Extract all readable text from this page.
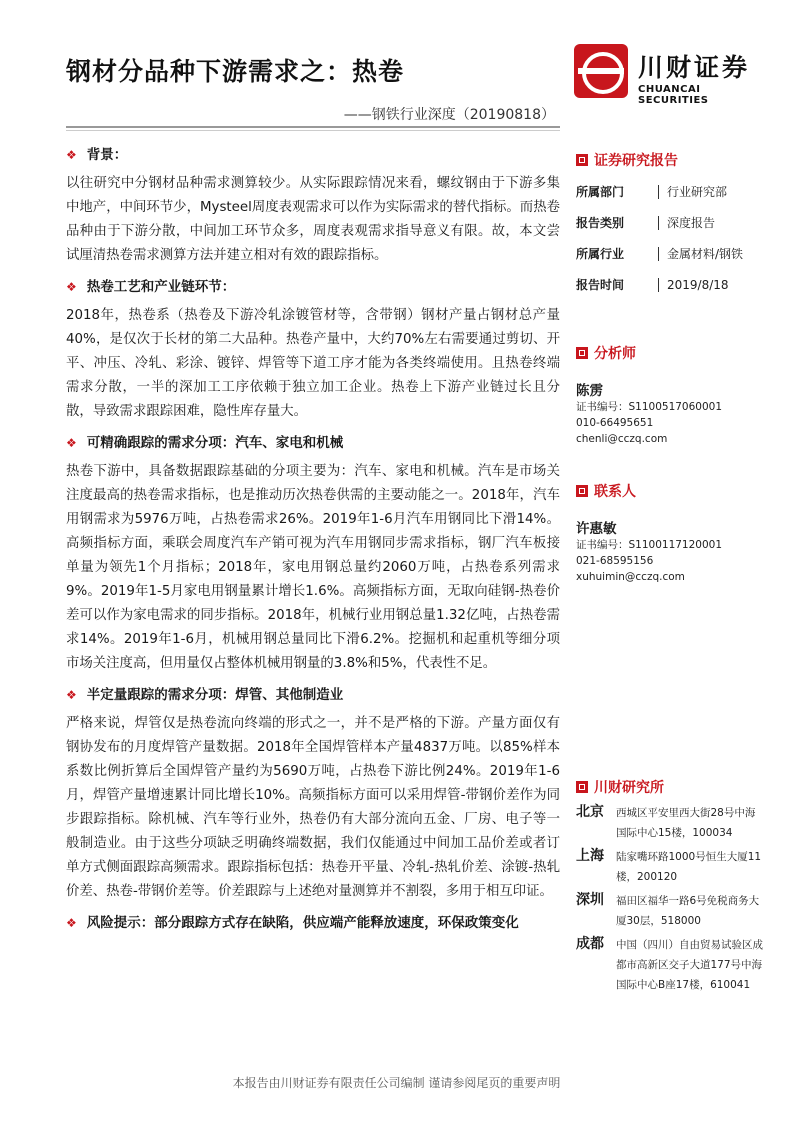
钢材分品种下游需求之：热卷
——钢铁行业深度（20190818）
川财证券
CHUANCAI SECURITIES
❖ 背景：

以往研究中分钢材品种需求测算较少。从实际跟踪情况来看，螺纹钢由于下游多集中地产，中间环节少，Mysteel周度表观需求可以作为实际需求的替代指标。而热卷品种由于下游分散，中间加工环节众多，周度表观需求指导意义有限。故，本文尝试厘清热卷需求测算方法并建立相对有效的跟踪指标。

❖ 热卷工艺和产业链环节：

2018年，热卷系（热卷及下游冷轧涂镀管材等，含带钢）钢材产量占钢材总产量40%，是仅次于长材的第二大品种。热卷产量中，大约70%左右需要通过剪切、开平、冲压、冷轧、彩涂、镀锌、焊管等下道工序才能为各类终端使用。且热卷终端需求分散，一半的深加工工序依赖于独立加工企业。热卷上下游产业链过长且分散，导致需求跟踪困难，隐性库存量大。

❖ 可精确跟踪的需求分项：汽车、家电和机械

热卷下游中，具备数据跟踪基础的分项主要为：汽车、家电和机械。汽车是市场关注度最高的热卷需求指标，也是推动历次热卷供需的主要动能之一。2018年，汽车用钢需求为5976万吨，占热卷需求26%。2019年1-6月汽车用钢同比下滑14%。高频指标方面，乘联会周度汽车产销可视为汽车用钢同步需求指标，钢厂汽车板接单量为领先1个月指标；2018年，家电用钢总量约2060万吨，占热卷系列需求9%。2019年1-5月家电用钢量累计增长1.6%。高频指标方面，无取向硅钢-热卷价差可以作为家电需求的同步指标。2018年，机械行业用钢总量1.32亿吨，占热卷需求14%。2019年1-6月，机械用钢总量同比下滑6.2%。挖掘机和起重机等细分项市场关注度高，但用量仅占整体机械用钢量的3.8%和5%，代表性不足。

❖ 半定量跟踪的需求分项：焊管、其他制造业

严格来说，焊管仅是热卷流向终端的形式之一，并不是严格的下游。产量方面仅有钢协发布的月度焊管产量数据。2018年全国焊管样本产量4837万吨。以85%样本系数比例折算后全国焊管产量约为5690万吨，占热卷下游比例24%。2019年1-6月，焊管产量增速累计同比增长10%。高频指标方面可以采用焊管-带钢价差作为同步跟踪指标。除机械、汽车等行业外，热卷仍有大部分流向五金、厂房、电子等一般制造业。由于这些分项缺乏明确终端数据，我们仅能通过中间加工品价差或者订单方式侧面跟踪高频需求。跟踪指标包括：热卷开平量、冷轧-热轧价差、涂镀-热轧价差、热卷-带钢价差等。价差跟踪与上述绝对量测算并不割裂，多用于相互印证。

❖ 风险提示：部分跟踪方式存在缺陷，供应端产能释放速度，环保政策变化
证券研究报告
所属部门	行业研究部
报告类别	深度报告
所属行业	金属材料/钢铁
报告时间	2019/8/18
分析师
陈雳
证书编号：S1100517060001
010-66495651
chenli@cczq.com
联系人
许惠敏
证书编号：S1100117120001
021-68595156
xuhuimin@cczq.com
川财研究所
北京	西城区平安里西大街28号中海国际中心15楼，100034
上海	陆家嘴环路1000号恒生大厦11楼，200120
深圳	福田区福华一路6号免税商务大厦30层，518000
成都	中国（四川）自由贸易试验区成都市高新区交子大道177号中海国际中心B座17楼，610041
本报告由川财证券有限责任公司编制 谨请参阅尾页的重要声明
